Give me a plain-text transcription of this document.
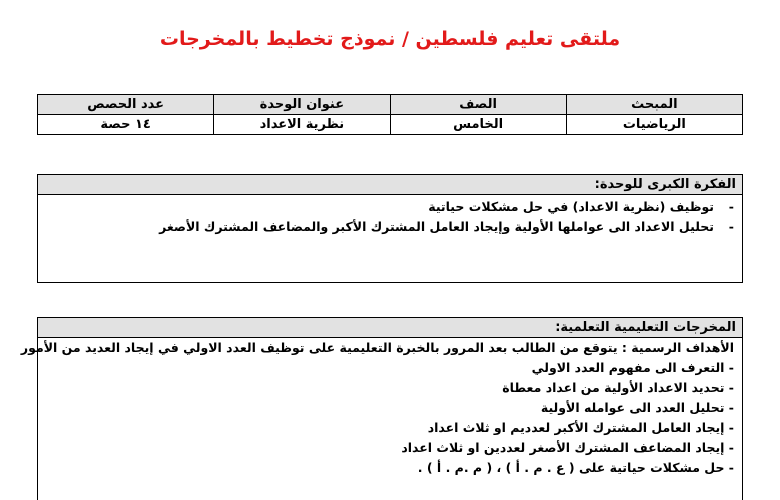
ملتقى تعليم فلسطين / نموذج تخطيط بالمخرجات
المبحث	الصف	عنوان الوحدة	عدد الحصص
الرياضيات	الخامس	نظرية الاعداد	١٤ حصة
الفكرة الكبرى للوحدة:
- توظيف (نظرية الاعداد) في حل مشكلات حياتية
- تحليل الاعداد الى عواملها الأولية وإيجاد العامل المشترك الأكبر والمضاعف المشترك الأصغر
المخرجات التعليمية التعلمية:
الأهداف الرسمية : يتوقع من الطالب بعد المرور بالخبرة التعليمية على توظيف العدد الاولي في إيجاد العديد من الأمور
- التعرف الى مفهوم العدد الاولي
- تحديد الاعداد الأولية من اعداد معطاة
- تحليل العدد الى عوامله الأولية
- إيجاد العامل المشترك الأكبر لعدديم او ثلاث اعداد
- إيجاد المضاعف المشترك الأصغر لعددين او ثلاث اعداد
- حل مشكلات حياتية على ( ع . م . أ ) ، ( م .م . أ ) .
